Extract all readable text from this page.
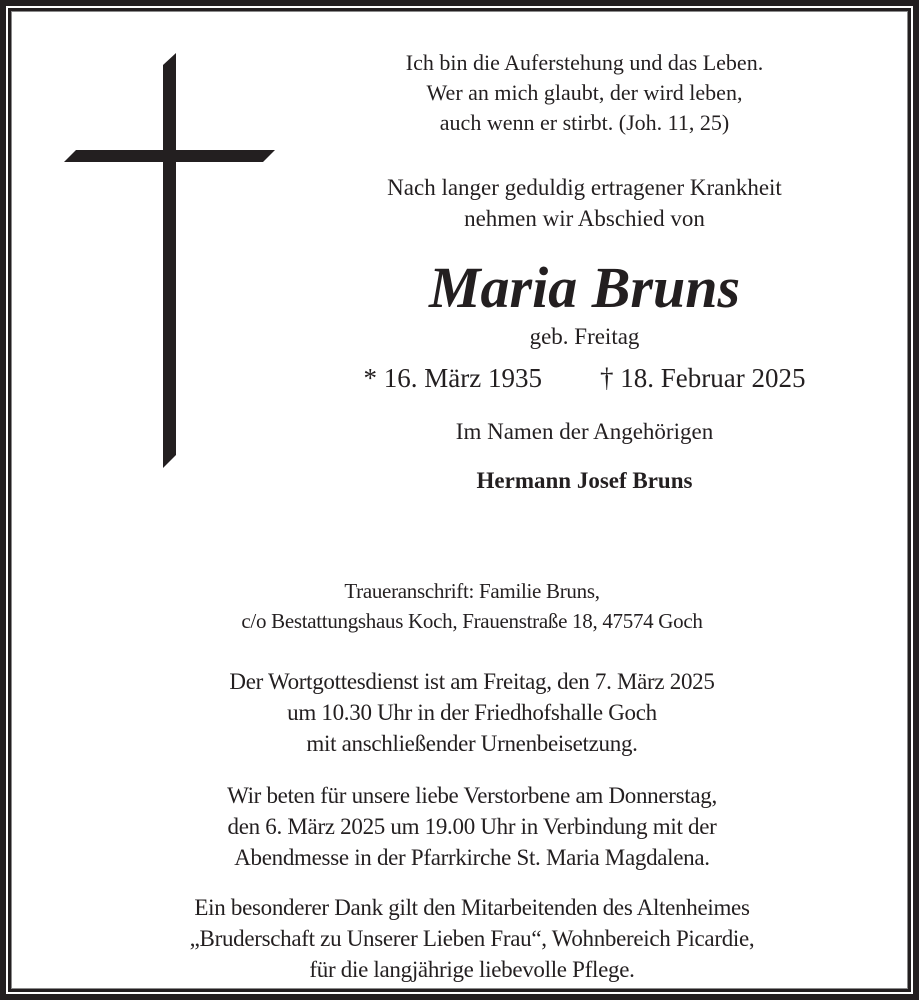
Ich bin die Auferstehung und das Leben.
Wer an mich glaubt, der wird leben,
auch wenn er stirbt. (Joh. 11, 25)
Nach langer geduldig ertragener Krankheit
nehmen wir Abschied von
Maria Bruns
geb. Freitag
* 16. März 1935 † 18. Februar 2025
Im Namen der Angehörigen
Hermann Josef Bruns
Traueranschrift: Familie Bruns,
c/o Bestattungshaus Koch, Frauenstraße 18, 47574 Goch
Der Wortgottesdienst ist am Freitag, den 7. März 2025
um 10.30 Uhr in der Friedhofshalle Goch
mit anschließender Urnenbeisetzung.
Wir beten für unsere liebe Verstorbene am Donnerstag,
den 6. März 2025 um 19.00 Uhr in Verbindung mit der
Abendmesse in der Pfarrkirche St. Maria Magdalena.
Ein besonderer Dank gilt den Mitarbeitenden des Altenheimes
„Bruderschaft zu Unserer Lieben Frau“, Wohnbereich Picardie,
für die langjährige liebevolle Pflege.
